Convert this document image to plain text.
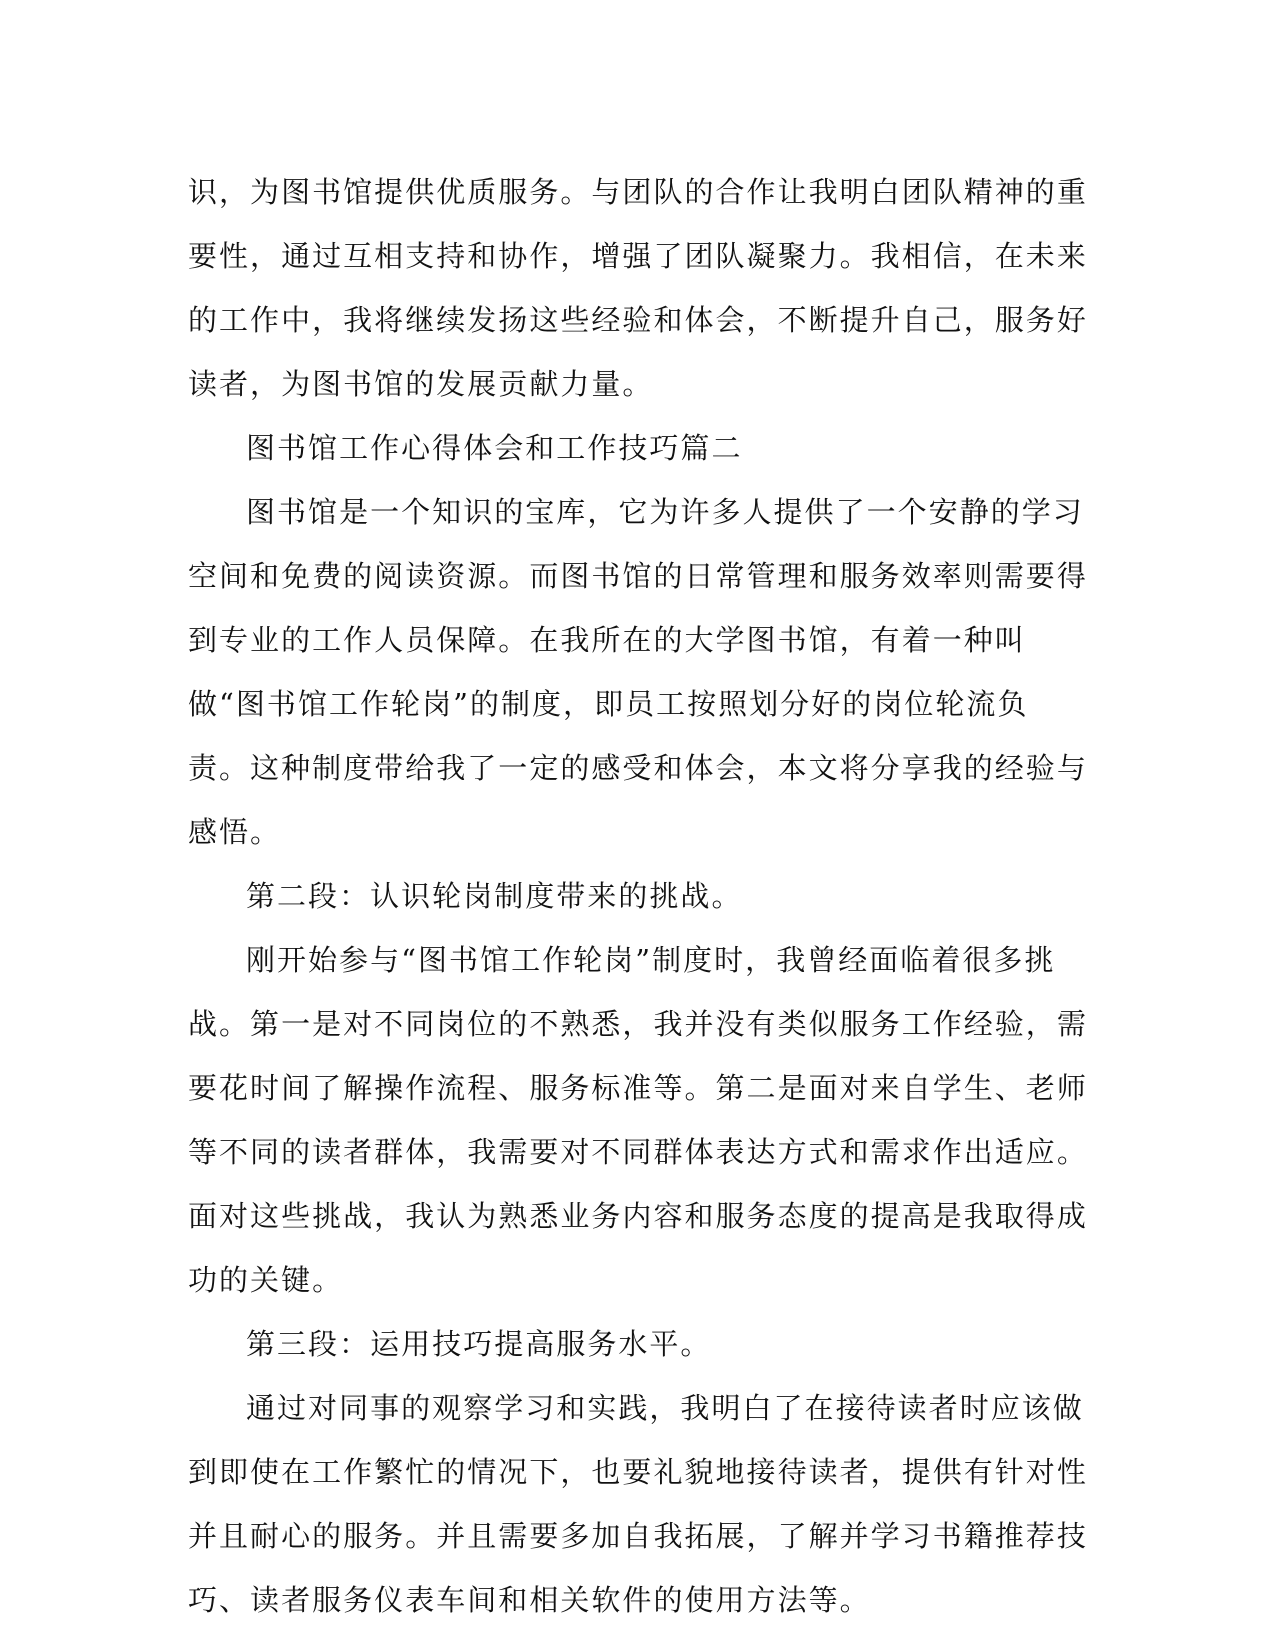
识，为图书馆提供优质服务。与团队的合作让我明白团队精神的重要性，通过互相支持和协作，增强了团队凝聚力。我相信，在未来的工作中，我将继续发扬这些经验和体会，不断提升自己，服务好读者，为图书馆的发展贡献力量。

图书馆工作心得体会和工作技巧篇二

图书馆是一个知识的宝库，它为许多人提供了一个安静的学习空间和免费的阅读资源。而图书馆的日常管理和服务效率则需要得到专业的工作人员保障。在我所在的大学图书馆，有着一种叫做“图书馆工作轮岗”的制度，即员工按照划分好的岗位轮流负责。这种制度带给我了一定的感受和体会，本文将分享我的经验与感悟。

第二段：认识轮岗制度带来的挑战。

刚开始参与“图书馆工作轮岗”制度时，我曾经面临着很多挑战。第一是对不同岗位的不熟悉，我并没有类似服务工作经验，需要花时间了解操作流程、服务标准等。第二是面对来自学生、老师等不同的读者群体，我需要对不同群体表达方式和需求作出适应。面对这些挑战，我认为熟悉业务内容和服务态度的提高是我取得成功的关键。

第三段：运用技巧提高服务水平。

通过对同事的观察学习和实践，我明白了在接待读者时应该做到即使在工作繁忙的情况下，也要礼貌地接待读者，提供有针对性并且耐心的服务。并且需要多加自我拓展，了解并学习书籍推荐技巧、读者服务仪表车间和相关软件的使用方法等。
